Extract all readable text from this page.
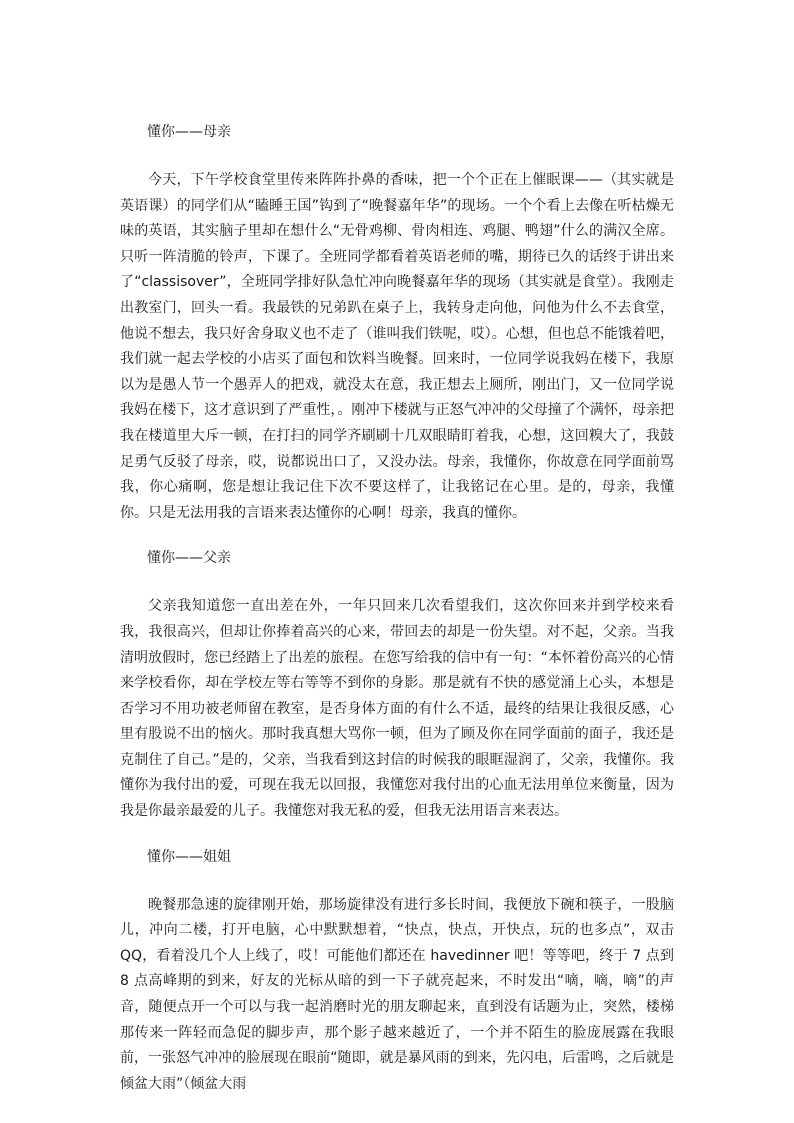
懂你——母亲
今天，下午学校食堂里传来阵阵扑鼻的香味，把一个个正在上催眠课——（其实就是英语课）的同学们从“瞌睡王国”钩到了“晚餐嘉年华”的现场。一个个看上去像在听枯燥无味的英语，其实脑子里却在想什么“无骨鸡柳、骨肉相连、鸡腿、鸭翅”什么的满汉全席。只听一阵清脆的铃声，下课了。全班同学都看着英语老师的嘴，期待已久的话终于讲出来了“classisover”，全班同学排好队急忙冲向晚餐嘉年华的现场（其实就是食堂）。我刚走出教室门，回头一看。我最铁的兄弟趴在桌子上，我转身走向他，问他为什么不去食堂，他说不想去，我只好舍身取义也不走了（谁叫我们铁呢，哎）。心想，但也总不能饿着吧，我们就一起去学校的小店买了面包和饮料当晚餐。回来时，一位同学说我妈在楼下，我原以为是愚人节一个愚弄人的把戏，就没太在意，我正想去上厕所，刚出门，又一位同学说我妈在楼下，这才意识到了严重性，。刚冲下楼就与正怒气冲冲的父母撞了个满怀，母亲把我在楼道里大斥一顿，在打扫的同学齐刷刷十几双眼睛盯着我，心想，这回糗大了，我鼓足勇气反驳了母亲，哎，说都说出口了，又没办法。母亲，我懂你，你故意在同学面前骂我，你心痛啊，您是想让我记住下次不要这样了，让我铭记在心里。是的，母亲，我懂你。只是无法用我的言语来表达懂你的心啊！母亲，我真的懂你。
懂你——父亲
父亲我知道您一直出差在外，一年只回来几次看望我们，这次你回来并到学校来看我，我很高兴，但却让你捧着高兴的心来，带回去的却是一份失望。对不起，父亲。当我清明放假时，您已经踏上了出差的旅程。在您写给我的信中有一句：“本怀着份高兴的心情来学校看你，却在学校左等右等等不到你的身影。那是就有不快的感觉涌上心头，本想是否学习不用功被老师留在教室，是否身体方面的有什么不适，最终的结果让我很反感，心里有股说不出的恼火。那时我真想大骂你一顿，但为了顾及你在同学面前的面子，我还是克制住了自己。”是的，父亲，当我看到这封信的时候我的眼眶湿润了，父亲，我懂你。我懂你为我付出的爱，可现在我无以回报，我懂您对我付出的心血无法用单位来衡量，因为我是你最亲最爱的儿子。我懂您对我无私的爱，但我无法用语言来表达。
懂你——姐姐
晚餐那急速的旋律刚开始，那场旋律没有进行多长时间，我便放下碗和筷子，一股脑儿，冲向二楼，打开电脑，心中默默想着，“快点，快点，开快点，玩的也多点”，双击 QQ，看着没几个人上线了，哎！可能他们都还在 havedinner 吧！等等吧，终于 7 点到 8 点高峰期的到来，好友的光标从暗的到一下子就亮起来，不时发出“嘀，嘀，嘀”的声音，随便点开一个可以与我一起消磨时光的朋友聊起来，直到没有话题为止，突然，楼梯那传来一阵轻而急促的脚步声，那个影子越来越近了，一个并不陌生的脸庞展露在我眼前，一张怒气冲冲的脸展现在眼前“随即，就是暴风雨的到来，先闪电，后雷鸣，之后就是倾盆大雨”（倾盆大雨
